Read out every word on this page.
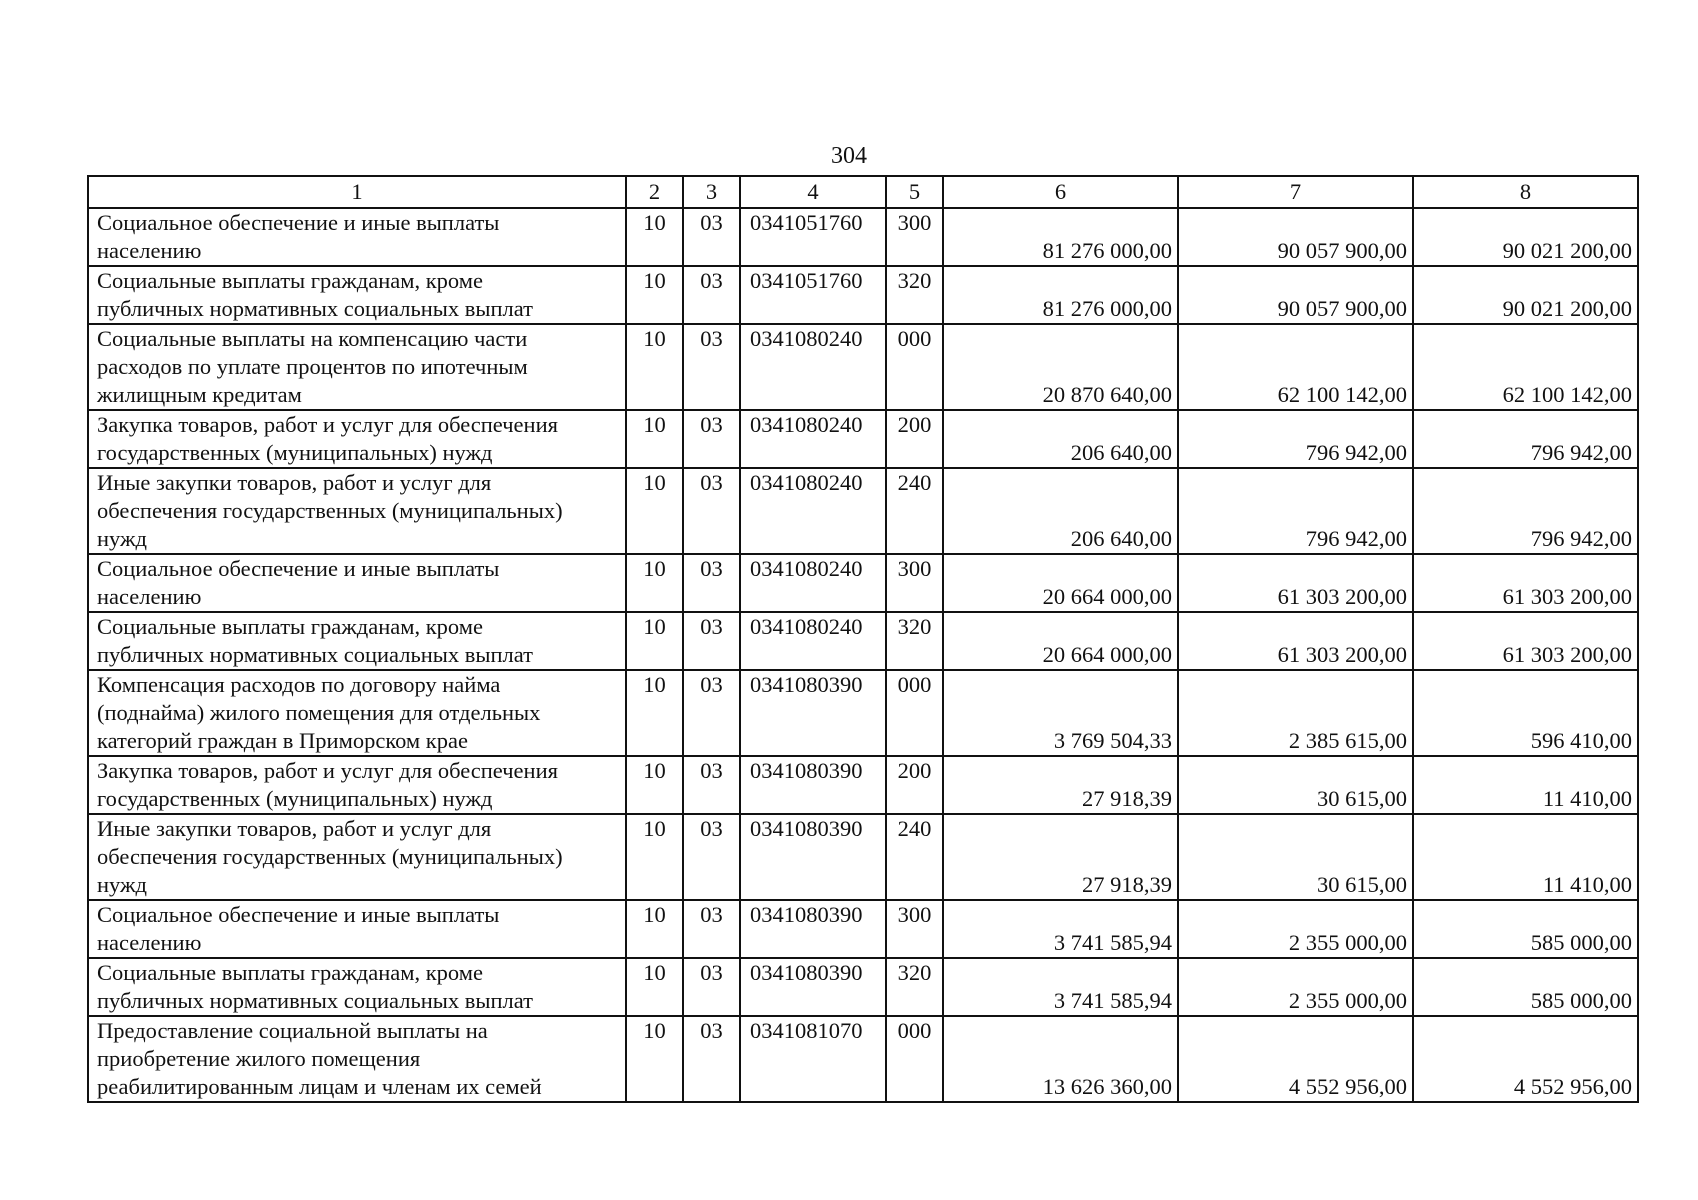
304
1	2	3	4	5	6	7	8

Социальное обеспечение и иные выплаты
населению	10	03	0341051760	300	81 276 000,00	90 057 900,00	90 021 200,00

Социальные выплаты гражданам, кроме
публичных нормативных социальных выплат	10	03	0341051760	320	81 276 000,00	90 057 900,00	90 021 200,00

Социальные выплаты на компенсацию части
расходов по уплате процентов по ипотечным
жилищным кредитам	10	03	0341080240	000	20 870 640,00	62 100 142,00	62 100 142,00

Закупка товаров, работ и услуг для обеспечения
государственных (муниципальных) нужд	10	03	0341080240	200	206 640,00	796 942,00	796 942,00

Иные закупки товаров, работ и услуг для
обеспечения государственных (муниципальных)
нужд	10	03	0341080240	240	206 640,00	796 942,00	796 942,00

Социальное обеспечение и иные выплаты
населению	10	03	0341080240	300	20 664 000,00	61 303 200,00	61 303 200,00

Социальные выплаты гражданам, кроме
публичных нормативных социальных выплат	10	03	0341080240	320	20 664 000,00	61 303 200,00	61 303 200,00

Компенсация расходов по договору найма
(поднайма) жилого помещения для отдельных
категорий граждан в Приморском крае	10	03	0341080390	000	3 769 504,33	2 385 615,00	596 410,00

Закупка товаров, работ и услуг для обеспечения
государственных (муниципальных) нужд	10	03	0341080390	200	27 918,39	30 615,00	11 410,00

Иные закупки товаров, работ и услуг для
обеспечения государственных (муниципальных)
нужд	10	03	0341080390	240	27 918,39	30 615,00	11 410,00

Социальное обеспечение и иные выплаты
населению	10	03	0341080390	300	3 741 585,94	2 355 000,00	585 000,00

Социальные выплаты гражданам, кроме
публичных нормативных социальных выплат	10	03	0341080390	320	3 741 585,94	2 355 000,00	585 000,00

Предоставление социальной выплаты на
приобретение жилого помещения
реабилитированным лицам и членам их семей	10	03	0341081070	000	13 626 360,00	4 552 956,00	4 552 956,00
